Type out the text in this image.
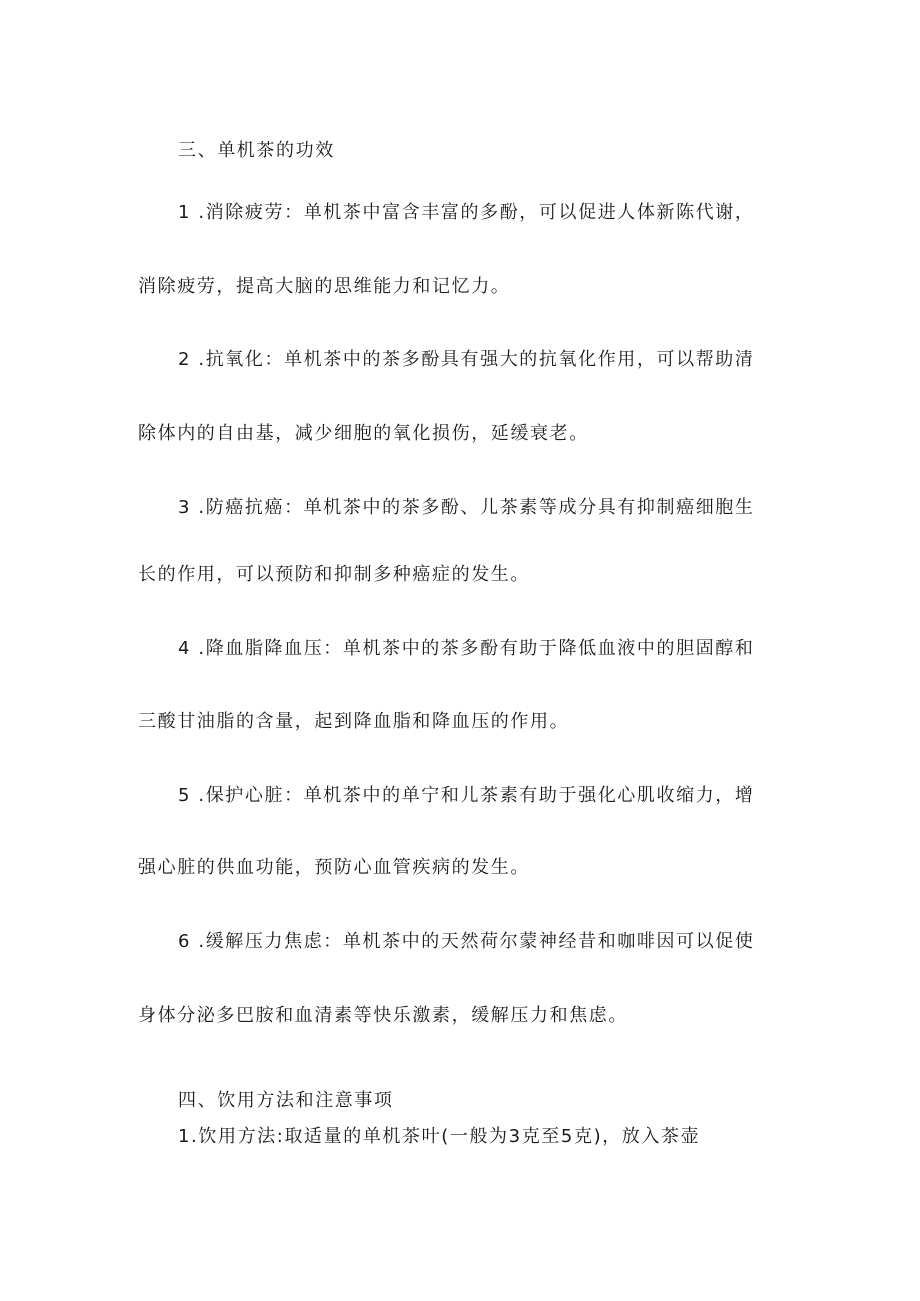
三、单机茶的功效
1 .消除疲劳：单机茶中富含丰富的多酚，可以促进人体新陈代谢，
消除疲劳，提高大脑的思维能力和记忆力。
2 .抗氧化：单机茶中的茶多酚具有强大的抗氧化作用，可以帮助清
除体内的自由基，减少细胞的氧化损伤，延缓衰老。
3 .防癌抗癌：单机茶中的茶多酚、儿茶素等成分具有抑制癌细胞生
长的作用，可以预防和抑制多种癌症的发生。
4 .降血脂降血压：单机茶中的茶多酚有助于降低血液中的胆固醇和
三酸甘油脂的含量，起到降血脂和降血压的作用。
5 .保护心脏：单机茶中的单宁和儿茶素有助于强化心肌收缩力，增
强心脏的供血功能，预防心血管疾病的发生。
6 .缓解压力焦虑：单机茶中的天然荷尔蒙神经昔和咖啡因可以促使
身体分泌多巴胺和血清素等快乐激素，缓解压力和焦虑。
四、饮用方法和注意事项
1.饮用方法:取适量的单机茶叶(一般为3克至5克)，放入茶壶
